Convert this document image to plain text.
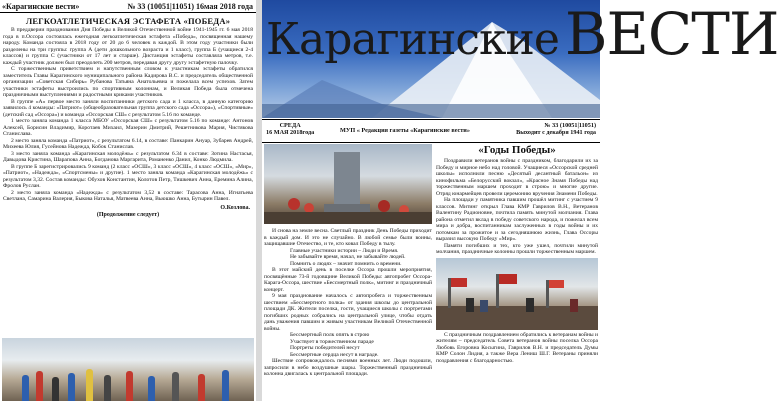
«Карагинские вести»	№ 33 (10051|11051) 16мая 2018 года
ЛЕГКОАТЛЕТИЧЕСКАЯ ЭСТАФЕТА «ПОБЕДА»

В преддверии празднования Дня Победы в Великой Отечественной войне 1941-1945 гг. 6 мая 2018 года в п.Оссора состоялась ежегодная легкоатлетическая эстафета «Победа», посвященная нашему народу. Команда состояла в 2018 году от 20 до 6 человек в каждой. В этом году участники были разделены на три группы: группа А (дети дошкольного возраста и 1 класс), группа Б (учащиеся 2-4 классов) и группа С (участники от 17 лет и старше). Дистанция эстафеты составляла метров, т.е. каждый участник должен был преодолеть 200 метров, передавая другу другу эстафетную палочку.

С торжественным приветствием и напутственным словом к участникам эстафеты обратился заместитель Главы Карагинского муниципального района Кадирова В.С. и председатель общественной организации «Советская Сибирь» Рубанова Татьяна Анатольевна и пожелала всем успехов. Затем участники эстафеты выстроились по спортивным колоннам, и Великая Победа была отмечена праздничными выступлениями и радостными криками участников.

В группе «А» первое место заняли воспитанники детского сада и 1 класса, в данную категорию заявилось 4 команды: «Патриот» (общеобразовательная группа детского сада «Оссора»), «Спортивные» (детский сад «Оссора») и команда «Оссорская СШ» с результатом 5.16 по команде.

1 место заняла команда 1 класса МБОУ «Оссорская СШ» с результатом 5.16 по команде: Антонов Алексей, Борисин Владимир, Коротаев Михаил, Мазерин Дмитрий, Решетникова Мария, Чистякова Станислава.

2 место заняла команда «Патриот», с результатом 6.14, в составе: Панкарин Ануар, Зубарев Андрей, Михеева Юлия, Гусейнова Надежда, Кобок Станислав.

3 место заняла команда «Карагинская молодёжь» с результатом 6.34 в составе: Зотина Настасья, Давыдова Кристина, Шарапова Анна, Богданова Маргарита, Романенко Данил, Конко Людмила.

В группе Б зарегистрировались 9 команд (2 класс «ОСШ», 3 класс «ОСШ», 4 класс «ОСШ», «Мир», «Патриот», «Надежда», «Спортсмены» и другие). 1 место заняла команда «Карагинская молодёжь» с результатом 3,32. Состав команды: Обухов Константин, Колотов Петр, Тишкевич Анна, Еремина Алина, Фролов Руслан.

2 место заняла команда «Надежда» с результатом 3,52 в составе: Тарасова Анна, Игнатьева Светлана, Самарина Валерия, Быкова Наталья, Матвеева Анна, Вьюшко Анна, Бутырин Павел.

О.Козлова.
(Продолжение следует)
Карагинские ВЕСТИ
СРЕДА
16 МАЯ 2018года	МУП « Редакция газеты «Карагинские вести»
№ 33 (10051|11051)
Выходит с декабря 1941 года

И снова на земле весна. Светлый праздник День Победы приходит в каждый дом. И это не случайно. В любой семье были воины, защищавшие Отечество, и те, кто ковал Победу в тылу.

Главные участники истории – Люди и Время.

Не забывайте время, начал, не забывайте людей.

Помнить о людях – значит помнить о времени.

В этот майский день в поселке Оссора прошли мероприятия, посвящённые 73-й годовщине Великой Победы: автопробег Оссора-Карага-Оссора, шествие «Бессмертный полк», митинг и праздничный концерт.

9 мая празднование началось с автопробега и торжественным шествием «Бессмертного полка» от здания школы до центральной площади ДК. Жители поселка, гости, учащиеся школы с портретами погибших родных собрались на центральной улице, чтобы отдать дань уважения павшим и живым участникам Великой Отечественной войны.

Бессмертный полк опять в строю

Участвует в торжественном параде

Портреты победителей несут

Бессмертные сердца несут в награде.

Шествие сопровождалось песнями военных лет. Люди подошли, запросили в небо воздушные шары. Торжественный праздничный колонна двигалась к центральной площади.

«Годы Победы»

Поздравили ветеранов войны с праздником, благодарили их за Победу и мирное небо над головой. Учащиеся «Оссорской средней школы» исполнили песню «Десятый десантный батальон» из кинофильма «Белорусский вокзал», «Красное Знамя Победы над торжественным маршем проходит в строю» и многие другие. Отряд юнармейцев провели церемонию вручения Знамени Победы.

На площади у памятника павшим прошёл митинг с участием 9 классов. Митинг открыл Глава КМР Гаврилов В.Н., Ветеранов Валентину Радионовне, почтила память минутой молчания. Глава района отметил вклад в победу советского народа, и пожелал всем мира и добра, воспитанникам заслуженных в годы войны и их потомкам за прожитое и за сегодняшнюю жизнь, Глава Оссоры выразил высокую Победу «Мир».

Памяти погибших и тех, кто уже ушел, почтили минутой молчания, праздничные колонны прошли торжественным маршем.

С праздничным поздравлением обратились к ветеранам войны и жителям – председатель Совета ветеранов войны поселка Оссора Любовь Егоровна Косыгина, Гаврилов В.Н. и председатель Думы КМР Солон Лидия, а также Вера Лениш Ш.Г. Ветераны приняли поздравления с благодарностью.
